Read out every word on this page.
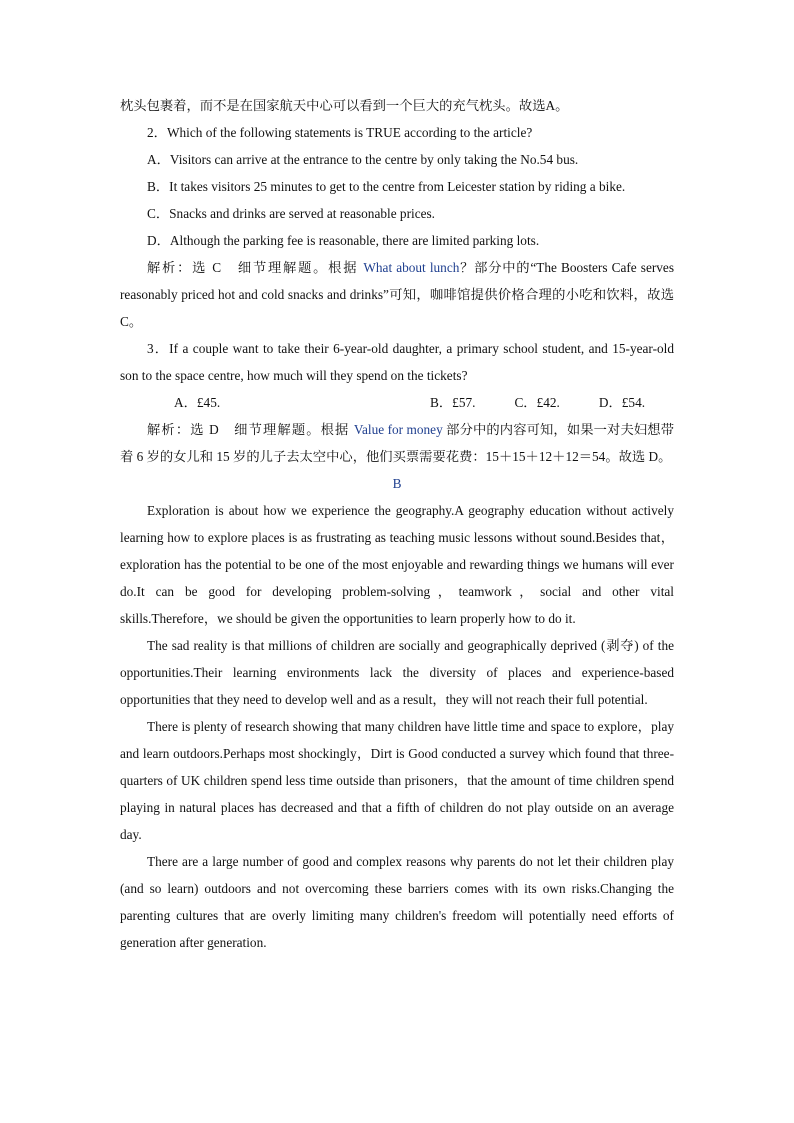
枕头包裹着，而不是在国家航天中心可以看到一个巨大的充气枕头。故选A。

2．Which of the following statements is TRUE according to the article?

A．Visitors can arrive at the entrance to the centre by only taking the No.54 bus.

B．It takes visitors 25 minutes to get to the centre from Leicester station by riding a bike.

C．Snacks and drinks are served at reasonable prices.

D．Although the parking fee is reasonable, there are limited parking lots.

解析：选 C　细节理解题。根据 What about lunch？部分中的“The Boosters Cafe serves reasonably priced hot and cold snacks and drinks”可知，咖啡馆提供价格合理的小吃和饮料，故选 C。

3．If a couple want to take their 6-year-old daughter, a primary school student, and 15-year-old son to the space centre, how much will they spend on the tickets?

A．£45.	B．£57.	C．£42.	D．£54.

解析：选 D　细节理解题。根据 Value for money 部分中的内容可知，如果一对夫妇想带着 6 岁的女儿和 15 岁的儿子去太空中心，他们买票需要花费：15＋15＋12＋12＝54。故选 D。

B

Exploration is about how we experience the geography.A geography education without actively learning how to explore places is as frustrating as teaching music lessons without sound.Besides that，exploration has the potential to be one of the most enjoyable and rewarding things we humans will ever do.It can be good for developing problem-solving，teamwork，social and other vital skills.Therefore，we should be given the opportunities to learn properly how to do it.

The sad reality is that millions of children are socially and geographically deprived (剥夺) of the opportunities.Their learning environments lack the diversity of places and experience-based opportunities that they need to develop well and as a result，they will not reach their full potential.

There is plenty of research showing that many children have little time and space to explore，play and learn outdoors.Perhaps most shockingly，Dirt is Good conducted a survey which found that three-quarters of UK children spend less time outside than prisoners，that the amount of time children spend playing in natural places has decreased and that a fifth of children do not play outside on an average day.

There are a large number of good and complex reasons why parents do not let their children play (and so learn) outdoors and not overcoming these barriers comes with its own risks.Changing the parenting cultures that are overly limiting many children's freedom will potentially need efforts of generation after generation.
